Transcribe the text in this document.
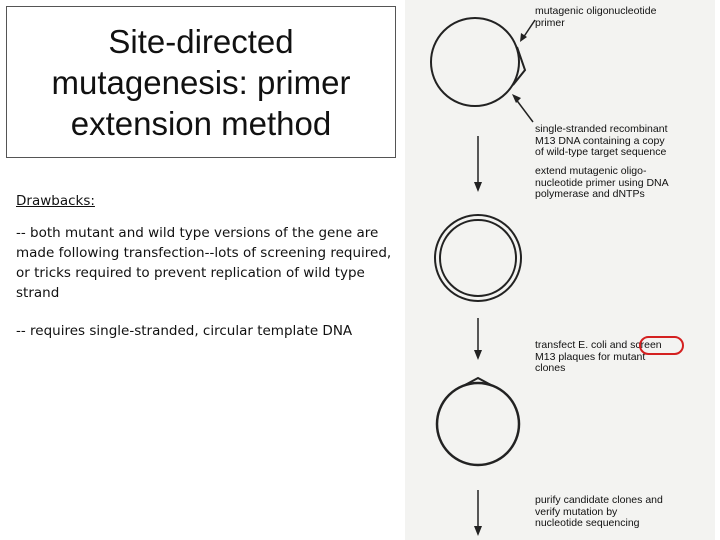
Site-directed mutagenesis: primer extension method
Drawbacks:
-- both mutant and wild type versions of the gene are made following transfection--lots of screening required, or tricks required to prevent replication of wild type strand
-- requires single-stranded, circular template DNA
mutagenic oligonucleotide
primer
single-stranded recombinant
M13 DNA containing a copy
of wild-type target sequence
extend mutagenic oligo-
nucleotide primer using DNA
polymerase and dNTPs
transfect E. coli and screen
M13 plaques for mutant
clones
purify candidate clones and
verify mutation by
nucleotide sequencing
